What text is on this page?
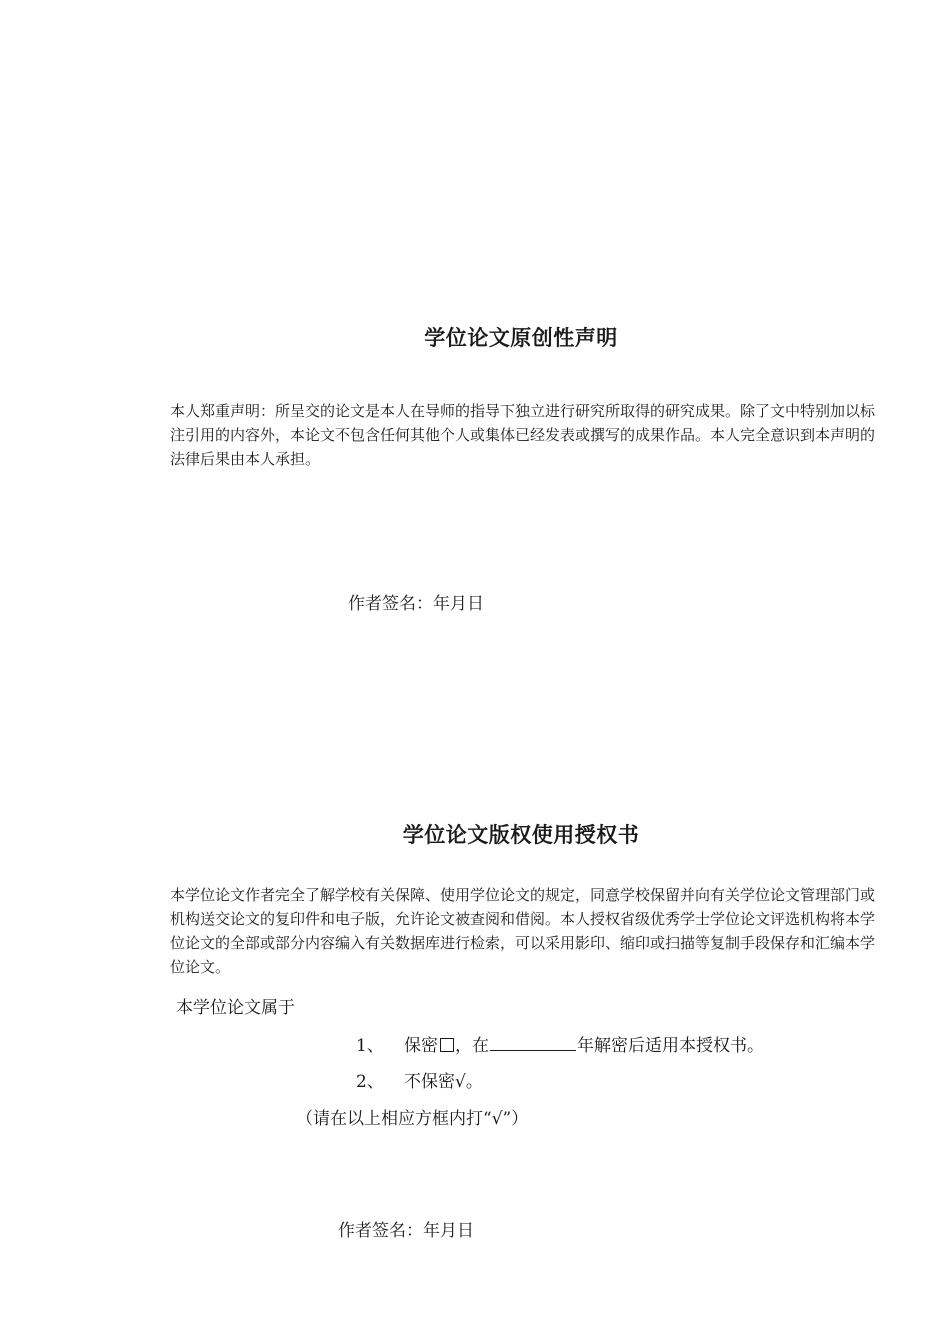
学位论文原创性声明
本人郑重声明：所呈交的论文是本人在导师的指导下独立进行研究所取得的研究成果。除了文中特别加以标注引用的内容外，本论文不包含任何其他个人或集体已经发表或撰写的成果作品。本人完全意识到本声明的法律后果由本人承担。
作者签名：年月日
学位论文版权使用授权书
本学位论文作者完全了解学校有关保障、使用学位论文的规定，同意学校保留并向有关学位论文管理部门或机构送交论文的复印件和电子版，允许论文被查阅和借阅。本人授权省级优秀学士学位论文评选机构将本学位论文的全部或部分内容编入有关数据库进行检索，可以采用影印、缩印或扫描等复制手段保存和汇编本学位论文。
本学位论文属于
1、 保密 ，在	年解密后适用本授权书。
2、 不保密√。
（请在以上相应方框内打“√”）
作者签名：年月日
